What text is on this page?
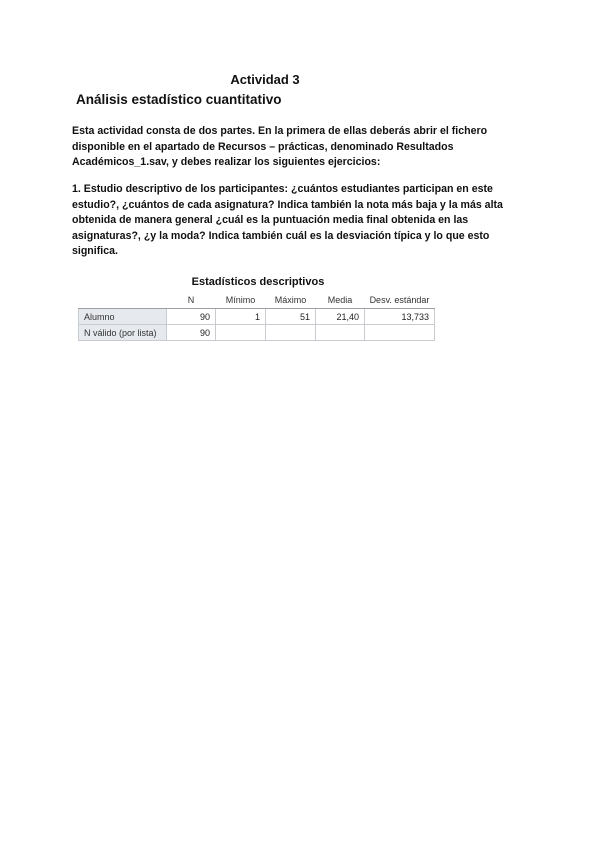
Actividad 3
Análisis estadístico cuantitativo

Esta actividad consta de dos partes. En la primera de ellas deberás abrir el fichero disponible en el apartado de Recursos – prácticas, denominado Resultados Académicos_1.sav, y debes realizar los siguientes ejercicios:

1. Estudio descriptivo de los participantes: ¿cuántos estudiantes participan en este estudio?, ¿cuántos de cada asignatura? Indica también la nota más baja y la más alta obtenida de manera general ¿cuál es la puntuación media final obtenida en las asignaturas?, ¿y la moda? Indica también cuál es la desviación típica y lo que esto significa.

Estadísticos descriptivos
	N	Mínimo	Máximo	Media	Desv. estándar
Alumno	90	1	51	21,40	13,733
N válido (por lista)	90				
